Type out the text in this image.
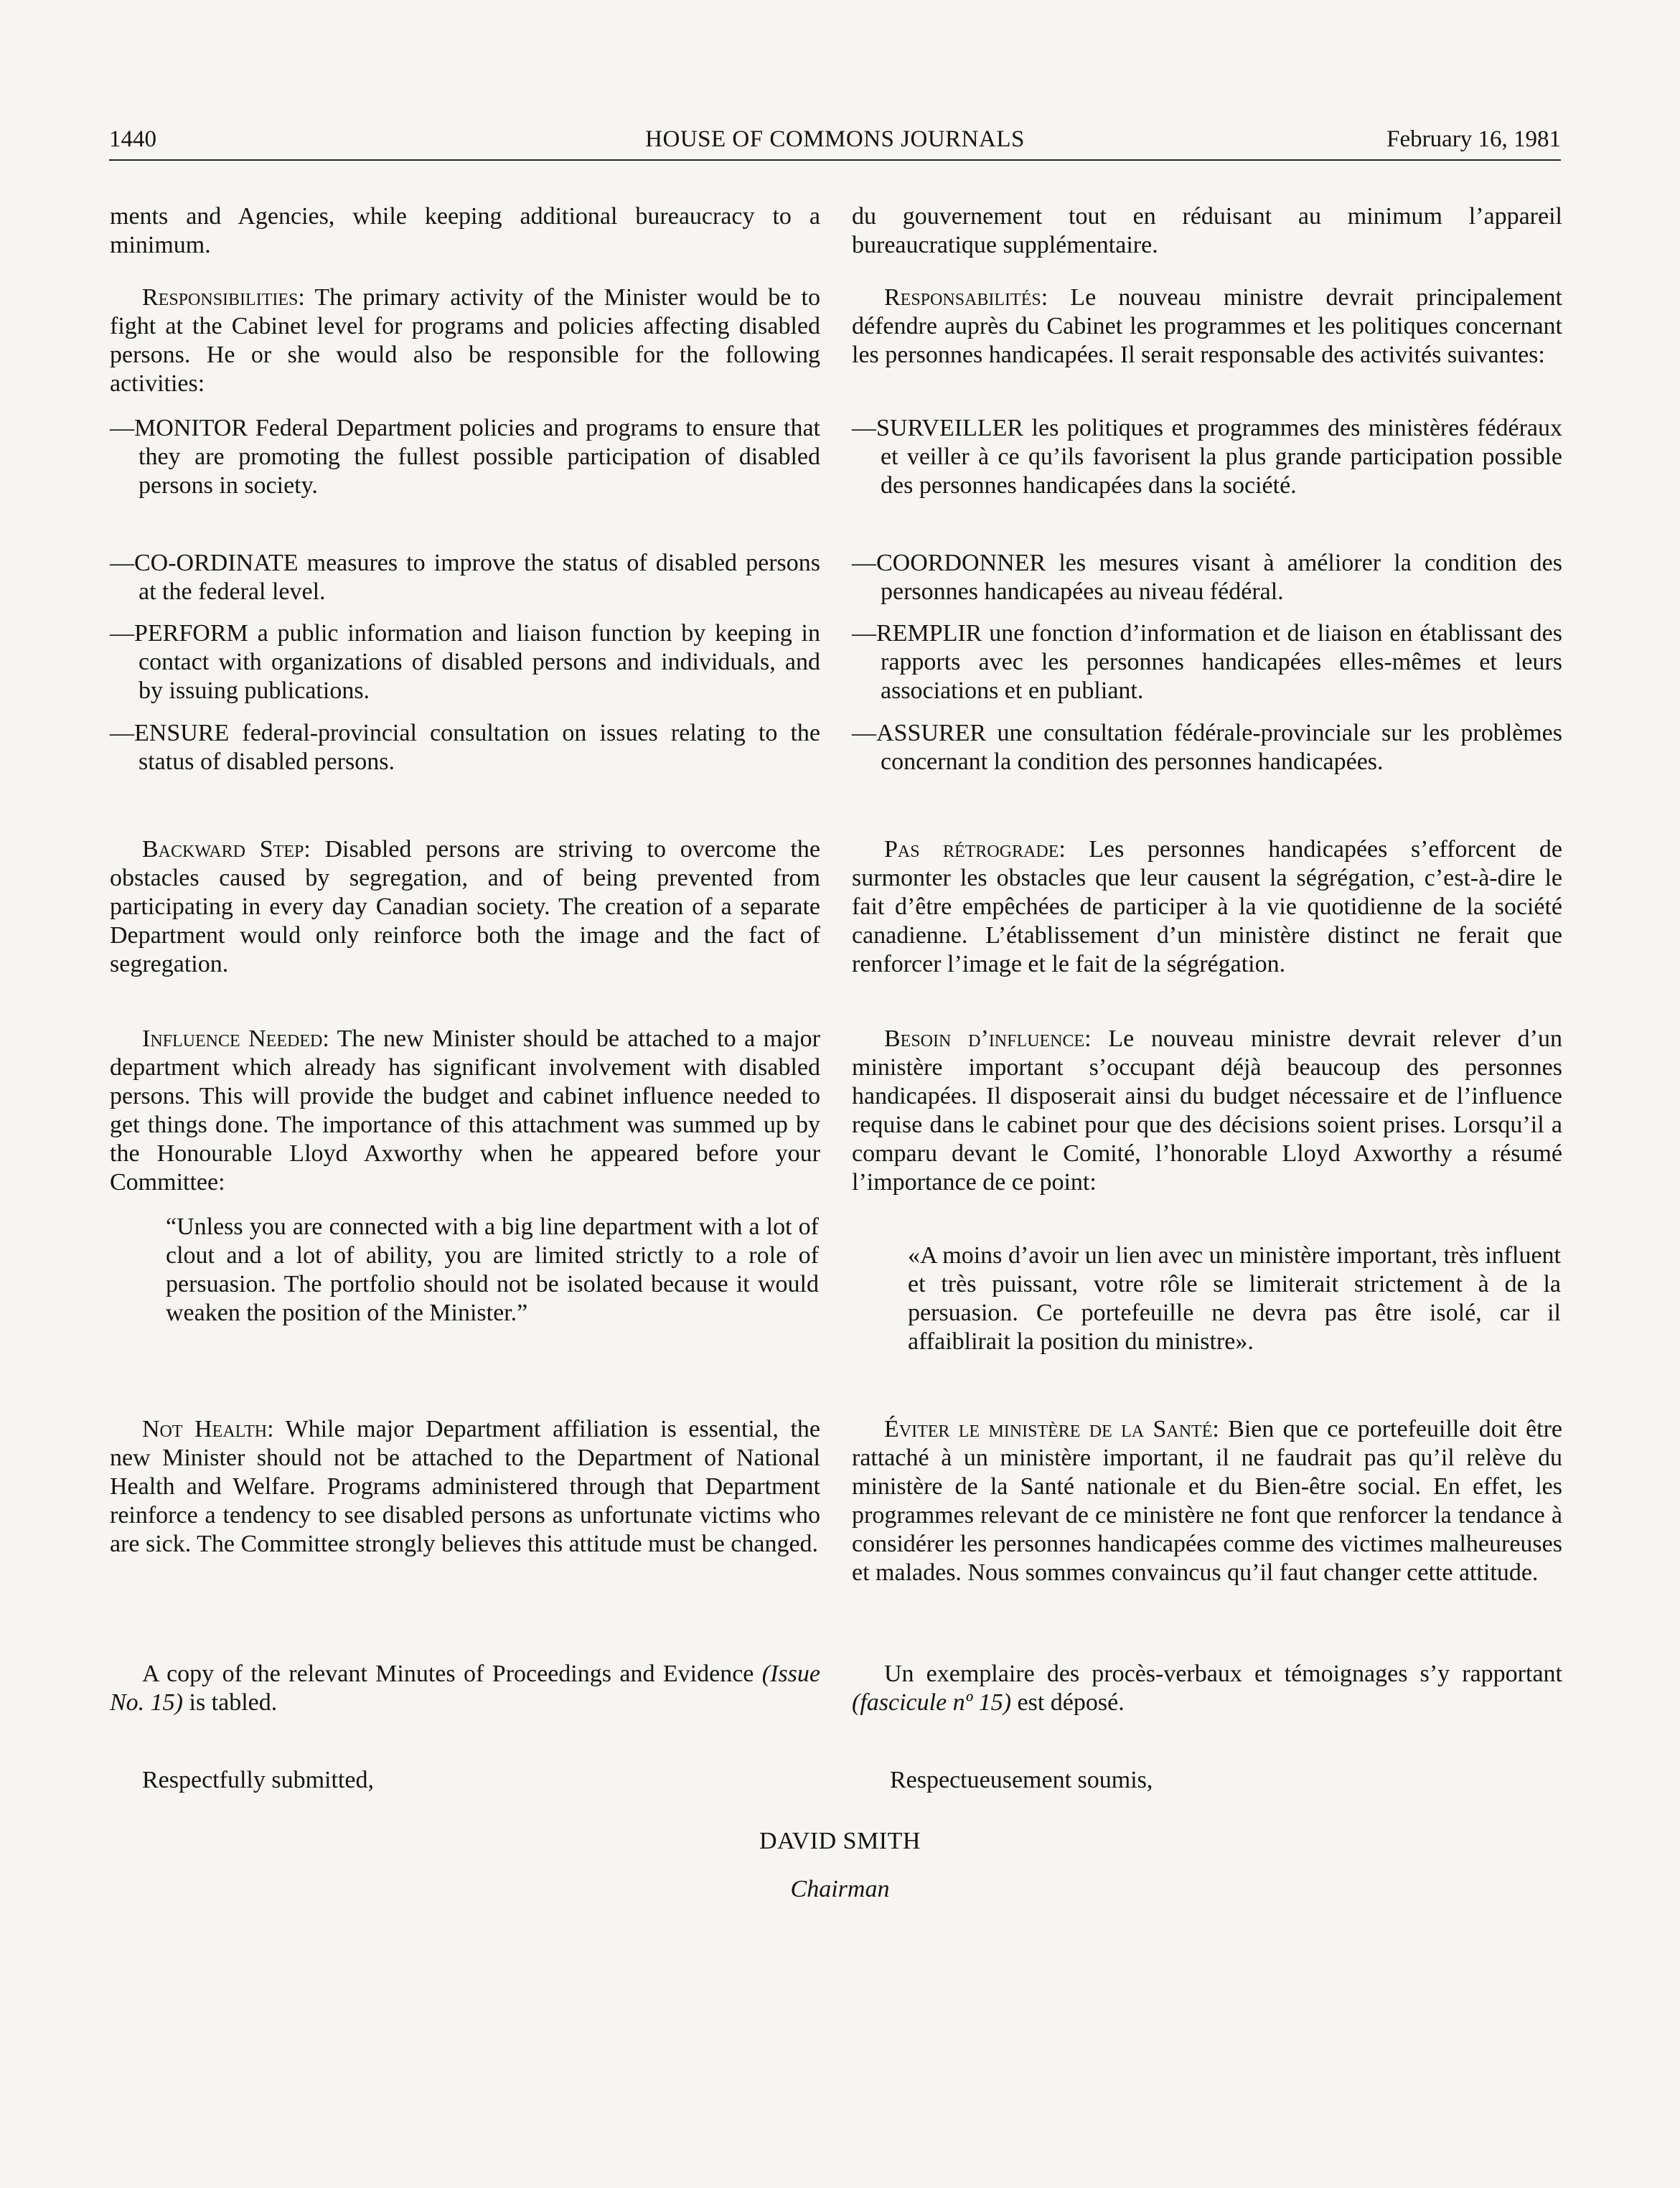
1440	HOUSE OF COMMONS JOURNALS	February 16, 1981

ments and Agencies, while keeping additional bureaucracy to a minimum.

Responsibilities: The primary activity of the Minister would be to fight at the Cabinet level for programs and policies affecting disabled persons. He or she would also be responsible for the following activities:

—MONITOR Federal Department policies and programs to ensure that they are promoting the fullest possible participation of disabled persons in society.

—CO-ORDINATE measures to improve the status of disabled persons at the federal level.

—PERFORM a public information and liaison function by keeping in contact with organizations of disabled persons and individuals, and by issuing publications.

—ENSURE federal-provincial consultation on issues relating to the status of disabled persons.

Backward Step: Disabled persons are striving to overcome the obstacles caused by segregation, and of being prevented from participating in every day Canadian society. The creation of a separate Department would only reinforce both the image and the fact of segregation.

Influence Needed: The new Minister should be attached to a major department which already has significant involvement with disabled persons. This will provide the budget and cabinet influence needed to get things done. The importance of this attachment was summed up by the Honourable Lloyd Axworthy when he appeared before your Committee:

“Unless you are connected with a big line department with a lot of clout and a lot of ability, you are limited strictly to a role of persuasion. The portfolio should not be isolated because it would weaken the position of the Minister.”

Not Health: While major Department affiliation is essential, the new Minister should not be attached to the Department of National Health and Welfare. Programs administered through that Department reinforce a tendency to see disabled persons as unfortunate victims who are sick. The Committee strongly believes this attitude must be changed.

A copy of the relevant Minutes of Proceedings and Evidence (Issue No. 15) is tabled.

du gouvernement tout en réduisant au minimum l’appareil bureaucratique supplémentaire.

Responsabilités: Le nouveau ministre devrait principalement défendre auprès du Cabinet les programmes et les politiques concernant les personnes handicapées. Il serait responsable des activités suivantes:

—SURVEILLER les politiques et programmes des ministères fédéraux et veiller à ce qu’ils favorisent la plus grande participation possible des personnes handicapées dans la société.

—COORDONNER les mesures visant à améliorer la condition des personnes handicapées au niveau fédéral.

—REMPLIR une fonction d’information et de liaison en établissant des rapports avec les personnes handicapées elles-mêmes et leurs associations et en publiant.

—ASSURER une consultation fédérale-provinciale sur les problèmes concernant la condition des personnes handicapées.

Pas rétrograde: Les personnes handicapées s’efforcent de surmonter les obstacles que leur causent la ségrégation, c’est-à-dire le fait d’être empêchées de participer à la vie quotidienne de la société canadienne. L’établissement d’un ministère distinct ne ferait que renforcer l’image et le fait de la ségrégation.

Besoin d’influence: Le nouveau ministre devrait relever d’un ministère important s’occupant déjà beaucoup des personnes handicapées. Il disposerait ainsi du budget nécessaire et de l’influence requise dans le cabinet pour que des décisions soient prises. Lorsqu’il a comparu devant le Comité, l’honorable Lloyd Axworthy a résumé l’importance de ce point:

«A moins d’avoir un lien avec un ministère important, très influent et très puissant, votre rôle se limiterait strictement à de la persuasion. Ce portefeuille ne devra pas être isolé, car il affaiblirait la position du ministre».

Éviter le ministère de la Santé: Bien que ce portefeuille doit être rattaché à un ministère important, il ne faudrait pas qu’il relève du ministère de la Santé nationale et du Bien-être social. En effet, les programmes relevant de ce ministère ne font que renforcer la tendance à considérer les personnes handicapées comme des victimes malheureuses et malades. Nous sommes convaincus qu’il faut changer cette attitude.

Un exemplaire des procès-verbaux et témoignages s’y rapportant (fascicule nº 15) est déposé.

Respectfully submitted,	Respectueusement soumis,
DAVID SMITH
Chairman
